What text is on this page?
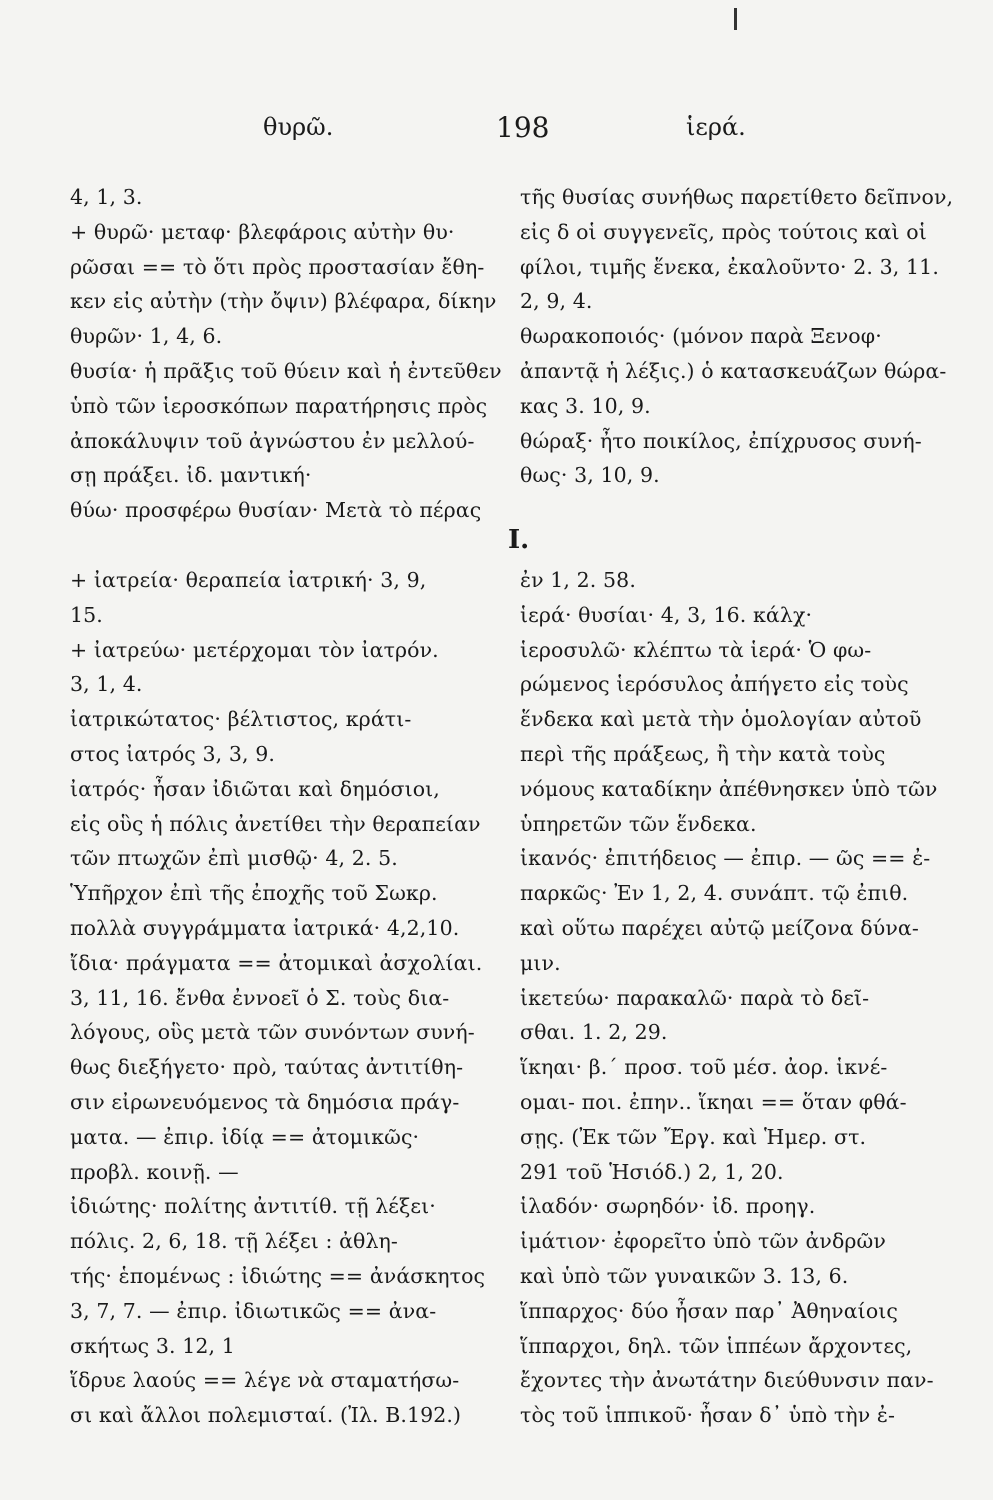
θυρῶ.	198	ἱερά.
4, 1, 3.
+ θυρῶ· μεταφ· βλεφάροις αὐτὴν θυ·
ρῶσαι == τὸ ὅτι πρὸς προστασίαν ἔθη-
κεν εἰς αὐτὴν (τὴν ὄψιν) βλέφαρα, δίκην
θυρῶν· 1, 4, 6.
θυσία· ἡ πρᾶξις τοῦ θύειν καὶ ἡ ἐντεῦθεν
ὑπὸ τῶν ἱεροσκόπων παρατήρησις πρὸς
ἀποκάλυψιν τοῦ ἀγνώστου ἐν μελλού-
σῃ πράξει. ἰδ. μαντική·
θύω· προσφέρω θυσίαν· Μετὰ τὸ πέρας
τῆς θυσίας συνήθως παρετίθετο δεῖπνον,
εἰς δ οἱ συγγενεῖς, πρὸς τούτοις καὶ οἱ
φίλοι, τιμῆς ἕνεκα, ἐκαλοῦντο· 2. 3, 11.
2, 9, 4.
θωρακοποιός· (μόνον παρὰ Ξενοφ·
ἀπαντᾷ ἡ λέξις.) ὁ κατασκευάζων θώρα-
κας 3. 10, 9.
θώραξ· ἦτο ποικίλος, ἐπίχρυσος συνή-
θως· 3, 10, 9.
I.
+ ἰατρεία· θεραπεία ἰατρική· 3, 9,
15.
+ ἰατρεύω· μετέρχομαι τὸν ἰατρόν.
3, 1, 4.
ἰατρικώτατος· βέλτιστος, κράτι-
στος ἰατρός 3, 3, 9.
ἰατρός· ἦσαν ἰδιῶται καὶ δημόσιοι,
εἰς οὓς ἡ πόλις ἀνετίθει τὴν θεραπείαν
τῶν πτωχῶν ἐπὶ μισθῷ· 4, 2. 5.
Ὑπῆρχον ἐπὶ τῆς ἐποχῆς τοῦ Σωκρ.
πολλὰ συγγράμματα ἰατρικά· 4,2,10.
ἴδια· πράγματα == ἀτομικαὶ ἀσχολίαι.
3, 11, 16. ἔνθα ἐννοεῖ ὁ Σ. τοὺς δια-
λόγους, οὓς μετὰ τῶν συνόντων συνή-
θως διεξήγετο· πρὸ, ταύτας ἀντιτίθη-
σιν εἰρωνευόμενος τὰ δημόσια πράγ-
ματα. — ἐπιρ. ἰδίᾳ == ἀτομικῶς·
προβλ. κοινῇ. —
ἰδιώτης· πολίτης ἀντιτίθ. τῇ λέξει·
πόλις. 2, 6, 18. τῇ λέξει : ἀθλη-
τής· ἑπομένως : ἰδιώτης == ἀνάσκητος
3, 7, 7. — ἐπιρ. ἰδιωτικῶς == ἀνα-
σκήτως 3. 12, 1
ἵδρυε λαούς == λέγε νὰ σταματήσω-
σι καὶ ἄλλοι πολεμισταί. (Ἰλ. Β.192.)
ἐν 1, 2. 58.
ἱερά· θυσίαι· 4, 3, 16. κάλχ·
ἱεροσυλῶ· κλέπτω τὰ ἱερά· Ὁ φω-
ρώμενος ἱερόσυλος ἀπήγετο εἰς τοὺς
ἕνδεκα καὶ μετὰ τὴν ὁμολογίαν αὐτοῦ
περὶ τῆς πράξεως, ἢ τὴν κατὰ τοὺς
νόμους καταδίκην ἀπέθνησκεν ὑπὸ τῶν
ὑπηρετῶν τῶν ἕνδεκα.
ἱκανός· ἐπιτήδειος — ἐπιρ. — ῶς == ἐ-
παρκῶς· Ἐν 1, 2, 4. συνάπτ. τῷ ἐπιθ.
καὶ οὕτω παρέχει αὐτῷ μείζονα δύνα-
μιν.
ἱκετεύω· παρακαλῶ· παρὰ τὸ δεῖ-
σθαι. 1. 2, 29.
ἵκηαι· β.΄ προσ. τοῦ μέσ. ἀορ. ἱκνέ-
ομαι- ποι. ἐπην.. ἵκηαι == ὅταν φθά-
σῃς. (Ἐκ τῶν Ἔργ. καὶ Ἡμερ. στ.
291 τοῦ Ἡσιόδ.) 2, 1, 20.
ἱλαδόν· σωρηδόν· ἰδ. προηγ.
ἱμάτιον· ἐφορεῖτο ὑπὸ τῶν ἀνδρῶν
καὶ ὑπὸ τῶν γυναικῶν 3. 13, 6.
ἵππαρχος· δύο ἦσαν παρ᾽ Ἀθηναίοις
ἵππαρχοι, δηλ. τῶν ἱππέων ἄρχοντες,
ἔχοντες τὴν ἀνωτάτην διεύθυνσιν παν-
τὸς τοῦ ἱππικοῦ· ἦσαν δ᾽ ὑπὸ τὴν ἐ-
